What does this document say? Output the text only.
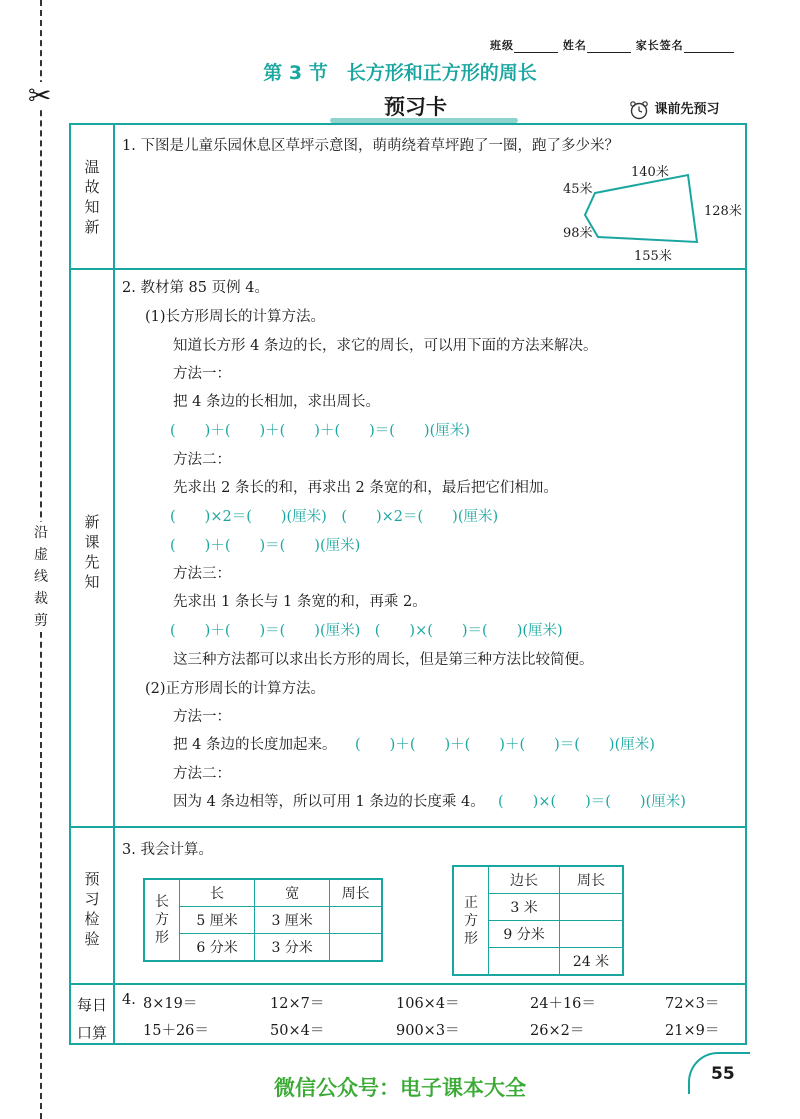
✂
沿虚线裁剪
班级	姓名	家长签名
第 3 节　长方形和正方形的周长
预习卡	课前先预习
温故知新
新课先知
预习检验
每日口算
1. 下图是儿童乐园休息区草坪示意图，萌萌绕着草坪跑了一圈，跑了多少米？
140米
45米
128米
98米
155米
2. 教材第 85 页例 4。
(1)长方形周长的计算方法。
知道长方形 4 条边的长，求它的周长，可以用下面的方法来解决。
方法一：
把 4 条边的长相加，求出周长。
(　　)＋(　　)＋(　　)＋(　　)＝(　　)(厘米)
方法二：
先求出 2 条长的和，再求出 2 条宽的和，最后把它们相加。
(　　)×2＝(　　)(厘米)　(　　)×2＝(　　)(厘米)
(　　)＋(　　)＝(　　)(厘米)
方法三：
先求出 1 条长与 1 条宽的和，再乘 2。
(　　)＋(　　)＝(　　)(厘米)　(　　)×(　　)＝(　　)(厘米)
这三种方法都可以求出长方形的周长，但是第三种方法比较简便。
(2)正方形周长的计算方法。
方法一：
把 4 条边的长度加起来。 (　　)＋(　　)＋(　　)＋(　　)＝(　　)(厘米)
方法二：
因为 4 条边相等，所以可用 1 条边的长度乘 4。 (　　)×(　　)＝(　　)(厘米)
3. 我会计算。
长方形	长	宽	周长
	5 厘米	3 厘米	
	6 分米	3 分米	
正方形	边长	周长
	3 米	
	9 分米	
		24 米
4. 8×19＝	12×7＝	106×4＝	24＋16＝	72×3＝
15＋26＝	50×4＝	900×3＝	26×2＝	21×9＝
微信公众号：电子课本大全
55
